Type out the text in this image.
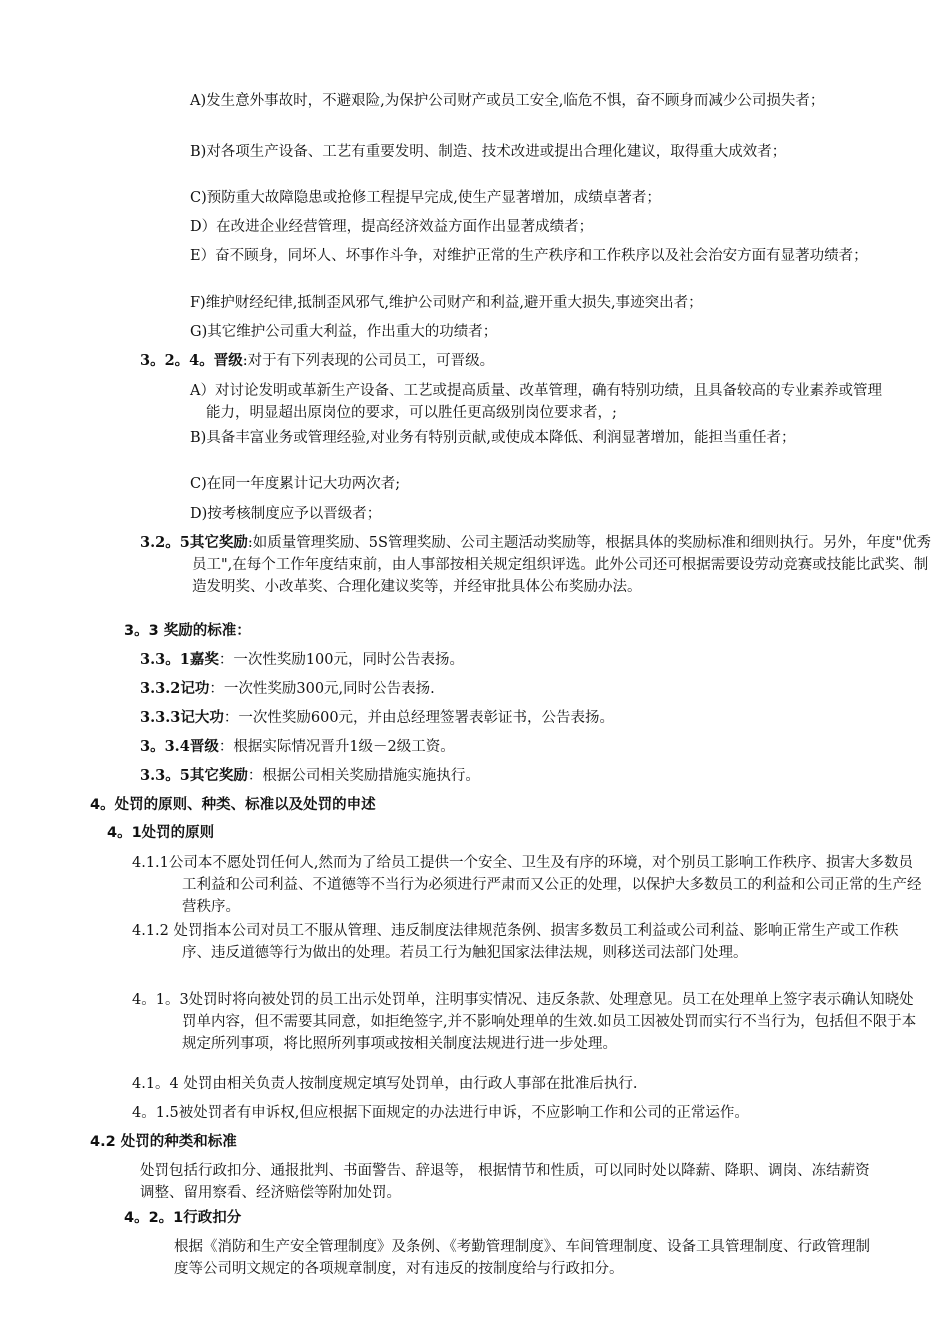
A)发生意外事故时，不避艰险,为保护公司财产或员工安全,临危不惧，奋不顾身而减少公司损失者；

B)对各项生产设备、工艺有重要发明、制造、技术改进或提出合理化建议，取得重大成效者；

C)预防重大故障隐患或抢修工程提早完成,使生产显著增加，成绩卓著者；

D）在改进企业经营管理，提高经济效益方面作出显著成绩者；

E）奋不顾身，同坏人、坏事作斗争，对维护正常的生产秩序和工作秩序以及社会治安方面有显著功绩者；

F)维护财经纪律,抵制歪风邪气,维护公司财产和利益,避开重大损失,事迹突出者；

G)其它维护公司重大利益，作出重大的功绩者；

3。2。4。晋级:对于有下列表现的公司员工，可晋级。

A）对讨论发明或革新生产设备、工艺或提高质量、改革管理，确有特别功绩，且具备较高的专业素养或管理能力，明显超出原岗位的要求，可以胜任更高级别岗位要求者，;

B)具备丰富业务或管理经验,对业务有特别贡献,或使成本降低、利润显著增加，能担当重任者；

C)在同一年度累计记大功两次者;

D)按考核制度应予以晋级者；

3.2。5其它奖励:如质量管理奖励、5S管理奖励、公司主题活动奖励等，根据具体的奖励标准和细则执行。另外，年度"优秀员工",在每个工作年度结束前，由人事部按相关规定组织评选。此外公司还可根据需要设劳动竞赛或技能比武奖、制造发明奖、小改革奖、合理化建议奖等，并经审批具体公布奖励办法。

3。3 奖励的标准：

3.3。1嘉奖：一次性奖励100元，同时公告表扬。

3.3.2记功：一次性奖励300元,同时公告表扬.

3.3.3记大功：一次性奖励600元，并由总经理签署表彰证书，公告表扬。

3。3.4晋级：根据实际情况晋升1级－2级工资。

3.3。5其它奖励：根据公司相关奖励措施实施执行。

4。处罚的原则、种类、标准以及处罚的申述

4。1处罚的原则

4.1.1公司本不愿处罚任何人,然而为了给员工提供一个安全、卫生及有序的环境，对个别员工影响工作秩序、损害大多数员工利益和公司利益、不道德等不当行为必须进行严肃而又公正的处理，以保护大多数员工的利益和公司正常的生产经营秩序。

4.1.2 处罚指本公司对员工不服从管理、违反制度法律规范条例、损害多数员工利益或公司利益、影响正常生产或工作秩序、违反道德等行为做出的处理。若员工行为触犯国家法律法规，则移送司法部门处理。

4。1。3处罚时将向被处罚的员工出示处罚单，注明事实情况、违反条款、处理意见。员工在处理单上签字表示确认知晓处罚单内容，但不需要其同意，如拒绝签字,并不影响处理单的生效.如员工因被处罚而实行不当行为，包括但不限于本规定所列事项，将比照所列事项或按相关制度法规进行进一步处理。

4.1。4 处罚由相关负责人按制度规定填写处罚单，由行政人事部在批准后执行.

4。1.5被处罚者有申诉权,但应根据下面规定的办法进行申诉，不应影响工作和公司的正常运作。

4.2 处罚的种类和标准

处罚包括行政扣分、通报批判、书面警告、辞退等， 根据情节和性质，可以同时处以降薪、降职、调岗、冻结薪资调整、留用察看、经济赔偿等附加处罚。

4。2。1行政扣分

根据《消防和生产安全管理制度》及条例、《考勤管理制度》、车间管理制度、设备工具管理制度、行政管理制度等公司明文规定的各项规章制度，对有违反的按制度给与行政扣分。
